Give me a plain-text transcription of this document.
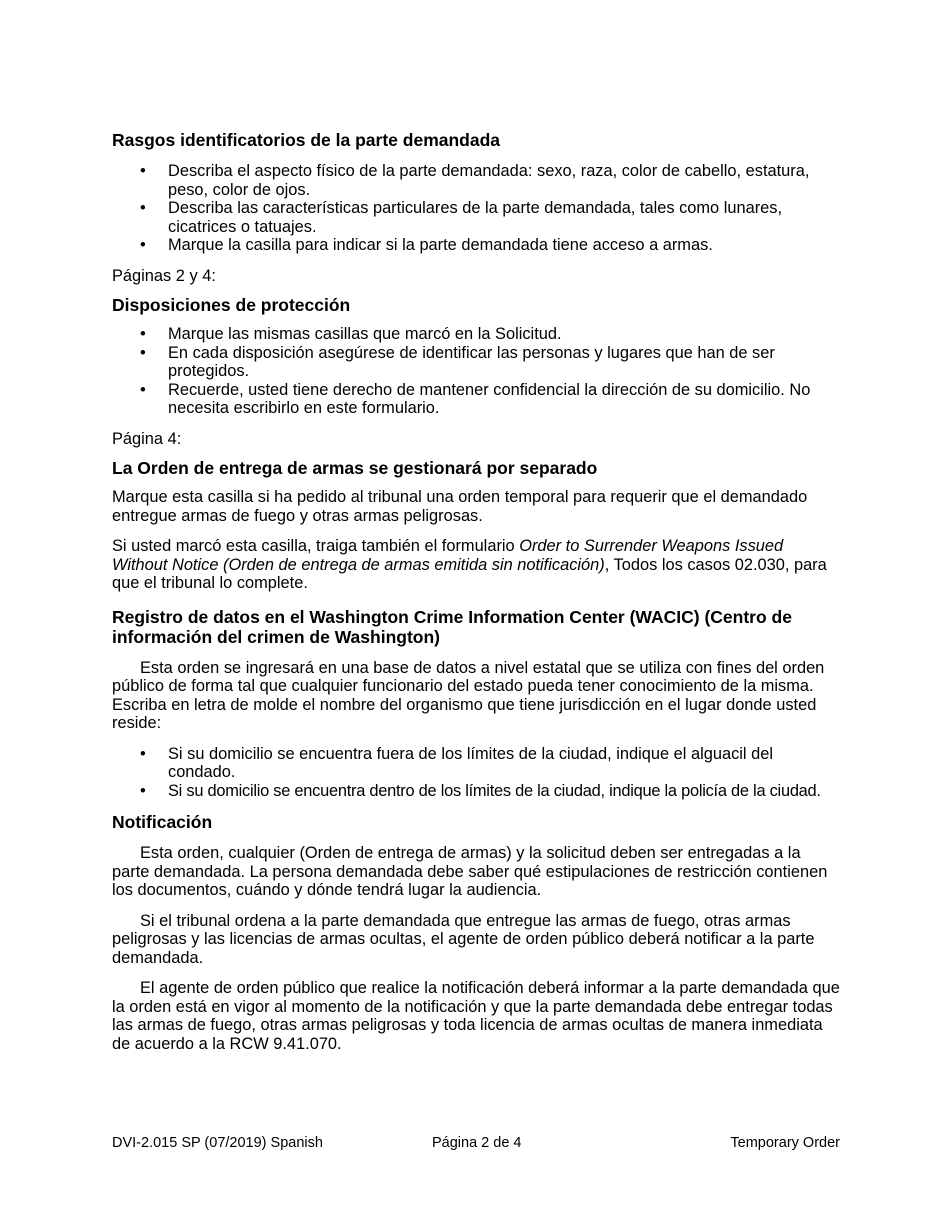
Rasgos identificatorios de la parte demandada
• Describa el aspecto físico de la parte demandada: sexo, raza, color de cabello, estatura, peso, color de ojos.
• Describa las características particulares de la parte demandada, tales como lunares, cicatrices o tatuajes.
• Marque la casilla para indicar si la parte demandada tiene acceso a armas.

Páginas 2 y 4:

Disposiciones de protección
• Marque las mismas casillas que marcó en la Solicitud.
• En cada disposición asegúrese de identificar las personas y lugares que han de ser protegidos.
• Recuerde, usted tiene derecho de mantener confidencial la dirección de su domicilio. No necesita escribirlo en este formulario.

Página 4:

La Orden de entrega de armas se gestionará por separado

Marque esta casilla si ha pedido al tribunal una orden temporal para requerir que el demandado entregue armas de fuego y otras armas peligrosas.

Si usted marcó esta casilla, traiga también el formulario Order to Surrender Weapons Issued Without Notice (Orden de entrega de armas emitida sin notificación), Todos los casos 02.030, para que el tribunal lo complete.

Registro de datos en el Washington Crime Information Center (WACIC) (Centro de información del crimen de Washington)

Esta orden se ingresará en una base de datos a nivel estatal que se utiliza con fines del orden público de forma tal que cualquier funcionario del estado pueda tener conocimiento de la misma. Escriba en letra de molde el nombre del organismo que tiene jurisdicción en el lugar donde usted reside:

• Si su domicilio se encuentra fuera de los límites de la ciudad, indique el alguacil del condado.
• Si su domicilio se encuentra dentro de los límites de la ciudad, indique la policía de la ciudad.
Notificación

Esta orden, cualquier (Orden de entrega de armas) y la solicitud deben ser entregadas a la parte demandada. La persona demandada debe saber qué estipulaciones de restricción contienen los documentos, cuándo y dónde tendrá lugar la audiencia.

Si el tribunal ordena a la parte demandada que entregue las armas de fuego, otras armas peligrosas y las licencias de armas ocultas, el agente de orden público deberá notificar a la parte demandada.

El agente de orden público que realice la notificación deberá informar a la parte demandada que la orden está en vigor al momento de la notificación y que la parte demandada debe entregar todas las armas de fuego, otras armas peligrosas y toda licencia de armas ocultas de manera inmediata de acuerdo a la RCW 9.41.070.

DVI-2.015 SP (07/2019) Spanish	Página 2 de 4	Temporary Order
